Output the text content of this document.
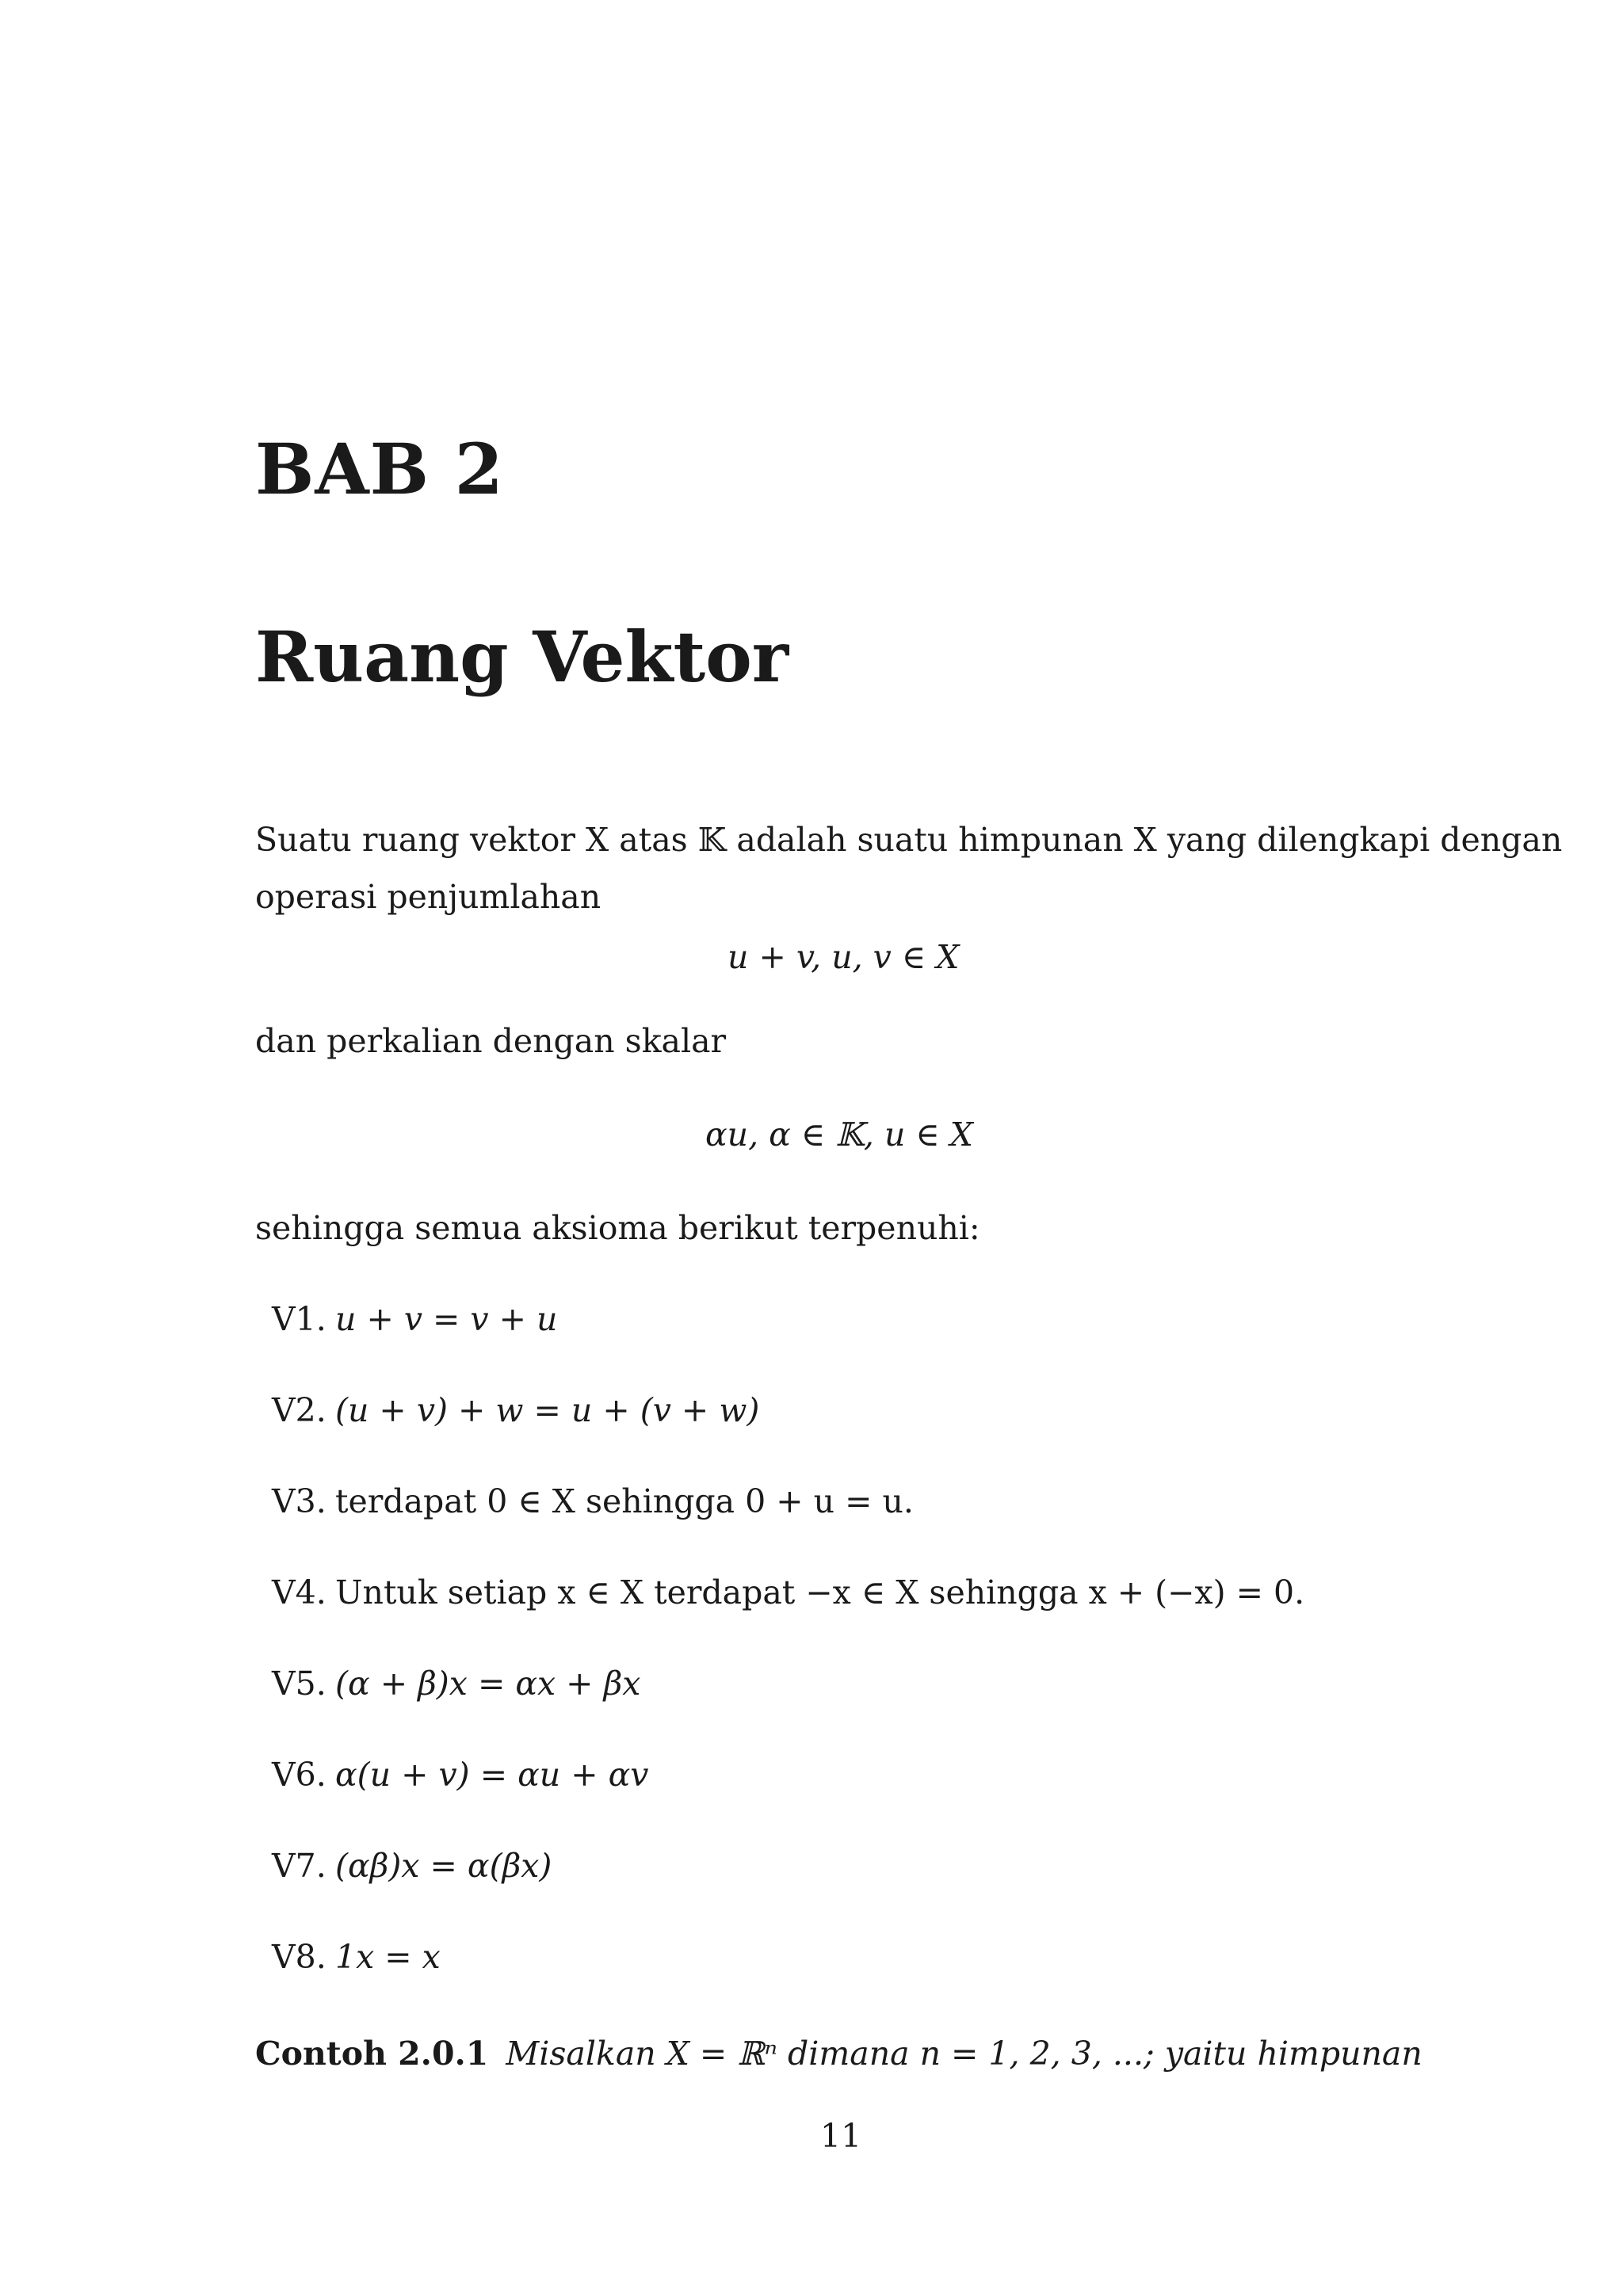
BAB 2
Ruang Vektor
Suatu ruang vektor X atas 𝕂 adalah suatu himpunan X yang dilengkapi dengan
operasi penjumlahan
u + v, u, v ∈ X
dan perkalian dengan skalar
αu, α ∈ 𝕂, u ∈ X
sehingga semua aksioma berikut terpenuhi:
V1. u + v = v + u
V2. (u + v) + w = u + (v + w)
V3. terdapat 0 ∈ X sehingga 0 + u = u.
V4. Untuk setiap x ∈ X terdapat −x ∈ X sehingga x + (−x) = 0.
V5. (α + β)x = αx + βx
V6. α(u + v) = αu + αv
V7. (αβ)x = α(βx)
V8. 1x = x
Contoh 2.0.1 Misalkan X = ℝⁿ dimana n = 1, 2, 3, ...; yaitu himpunan
11
